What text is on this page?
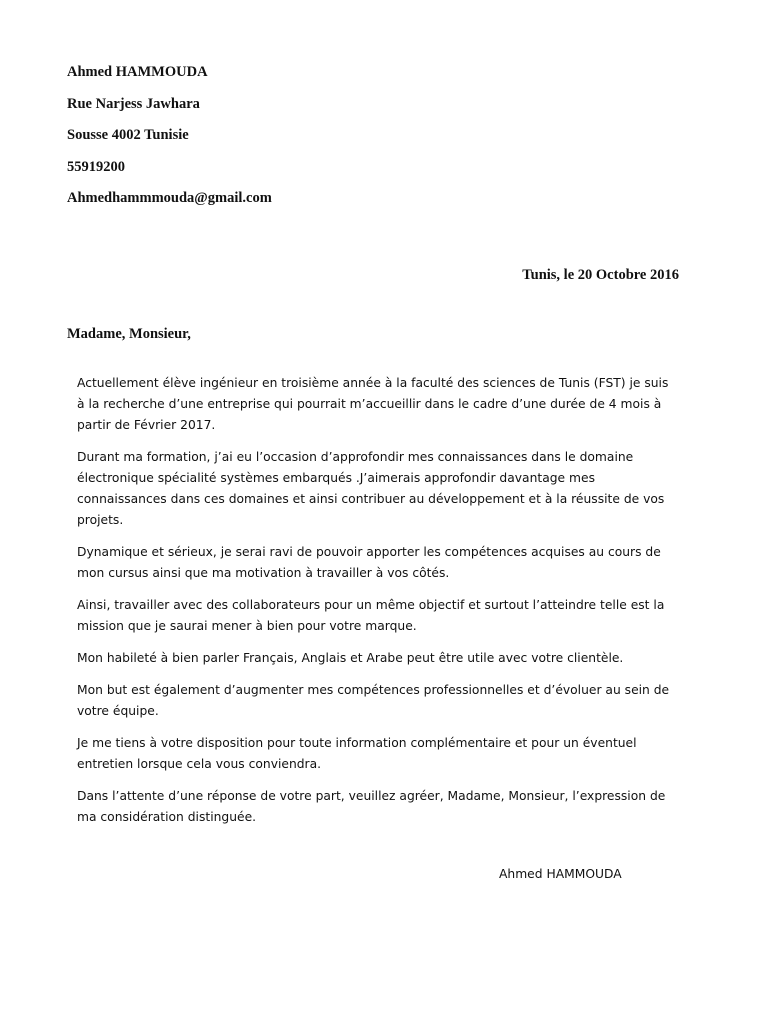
Ahmed HAMMOUDA
Rue Narjess Jawhara
Sousse 4002 Tunisie
55919200
Ahmedhammmouda@gmail.com
Tunis, le 20 Octobre 2016
Madame, Monsieur,

Actuellement élève ingénieur en troisième année à la faculté des sciences de Tunis (FST) je suis à la recherche d’une entreprise qui pourrait m’accueillir dans le cadre d’une durée de 4 mois à partir de Février 2017.

Durant ma formation, j’ai eu l’occasion d’approfondir mes connaissances dans le domaine électronique spécialité systèmes embarqués .J’aimerais approfondir davantage mes connaissances dans ces domaines et ainsi contribuer au développement et à la réussite de vos projets.

Dynamique et sérieux, je serai ravi de pouvoir apporter les compétences acquises au cours de mon cursus ainsi que ma motivation à travailler à vos côtés.

Ainsi, travailler avec des collaborateurs pour un même objectif et surtout l’atteindre telle est la mission que je saurai mener à bien pour votre marque.

Mon habileté à bien parler Français, Anglais et Arabe peut être utile avec votre clientèle.

Mon but est également d’augmenter mes compétences professionnelles et d’évoluer au sein de votre équipe.

Je me tiens à votre disposition pour toute information complémentaire et pour un éventuel entretien lorsque cela vous conviendra.

Dans l’attente d’une réponse de votre part, veuillez agréer, Madame, Monsieur, l’expression de ma considération distinguée.

Ahmed HAMMOUDA
